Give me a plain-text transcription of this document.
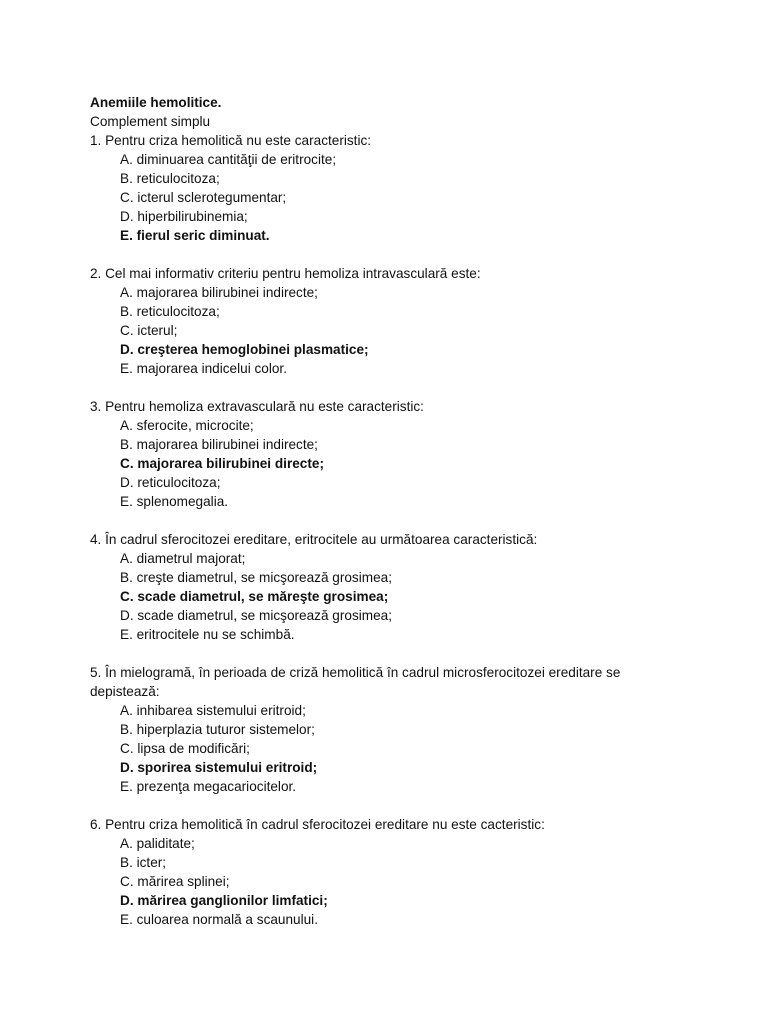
Anemiile hemolitice.
Complement simplu
1. Pentru criza hemolitică nu este caracteristic:
A. diminuarea cantităţii de eritrocite;
B. reticulocitoza;
C. icterul sclerotegumentar;
D. hiperbilirubinemia;
E. fierul seric diminuat.
2. Cel mai informativ criteriu pentru hemoliza intravasculară este:
A. majorarea bilirubinei indirecte;
B. reticulocitoza;
C. icterul;
D. creşterea hemoglobinei plasmatice;
E. majorarea indicelui color.
3. Pentru hemoliza extravasculară nu este caracteristic:
A. sferocite, microcite;
B. majorarea bilirubinei indirecte;
C. majorarea bilirubinei directe;
D. reticulocitoza;
E. splenomegalia.
4. În cadrul sferocitozei ereditare, eritrocitele au următoarea caracteristică:
A. diametrul majorat;
B. creşte diametrul, se micşorează grosimea;
C. scade diametrul, se măreşte grosimea;
D. scade diametrul, se micşorează grosimea;
E. eritrocitele nu se schimbă.
5. În mielogramă, în perioada de criză hemolitică în cadrul microsferocitozei ereditare se depistează:
A. inhibarea sistemului eritroid;
B. hiperplazia tuturor sistemelor;
C. lipsa de modificări;
D. sporirea sistemului eritroid;
E. prezenţa megacariocitelor.
6. Pentru criza hemolitică în cadrul sferocitozei ereditare nu este cacteristic:
A. paliditate;
B. icter;
C. mărirea splinei;
D. mărirea ganglionilor limfatici;
E. culoarea normală a scaunului.
